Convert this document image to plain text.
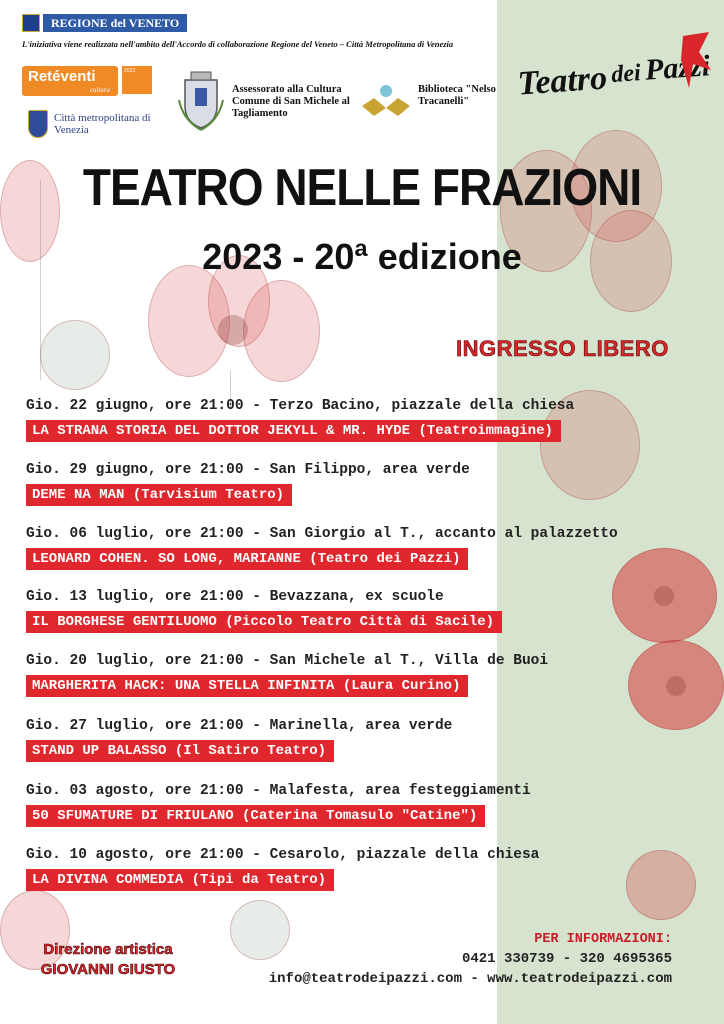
REGIONE del VENETO
L'iniziativa viene realizzata nell'ambito dell'Accordo di collaborazione Regione del Veneto – Città Metropolitana di Venezia
Retéventi
cultura
2023
Città metropolitana di Venezia
Assessorato alla Cultura Comune di San Michele al Tagliamento
Biblioteca "Nelso Tracanelli"	Teatro dei Pazzi
TEATRO NELLE FRAZIONI
2023 - 20ª edizione
INGRESSO LIBERO
Gio. 22 giugno, ore 21:00 - Terzo Bacino, piazzale della chiesa
LA STRANA STORIA DEL DOTTOR JEKYLL & MR. HYDE (Teatroimmagine)
Gio. 29 giugno, ore 21:00 - San Filippo, area verde
DEME NA MAN (Tarvisium Teatro)
Gio. 06 luglio, ore 21:00 - San Giorgio al T., accanto al palazzetto
LEONARD COHEN. SO LONG, MARIANNE (Teatro dei Pazzi)
Gio. 13 luglio, ore 21:00 - Bevazzana, ex scuole
IL BORGHESE GENTILUOMO (Piccolo Teatro Città di Sacile)
Gio. 20 luglio, ore 21:00 - San Michele al T., Villa de Buoi
MARGHERITA HACK: UNA STELLA INFINITA (Laura Curino)
Gio. 27 luglio, ore 21:00 - Marinella, area verde
STAND UP BALASSO (Il Satiro Teatro)
Gio. 03 agosto, ore 21:00 - Malafesta, area festeggiamenti
50 SFUMATURE DI FRIULANO (Caterina Tomasulo "Catine")
Gio. 10 agosto, ore 21:00 - Cesarolo, piazzale della chiesa
LA DIVINA COMMEDIA (Tipi da Teatro)
Direzione artistica
GIOVANNI GIUSTO
PER INFORMAZIONI:
0421 330739 - 320 4695365
info@teatrodeipazzi.com - www.teatrodeipazzi.com
